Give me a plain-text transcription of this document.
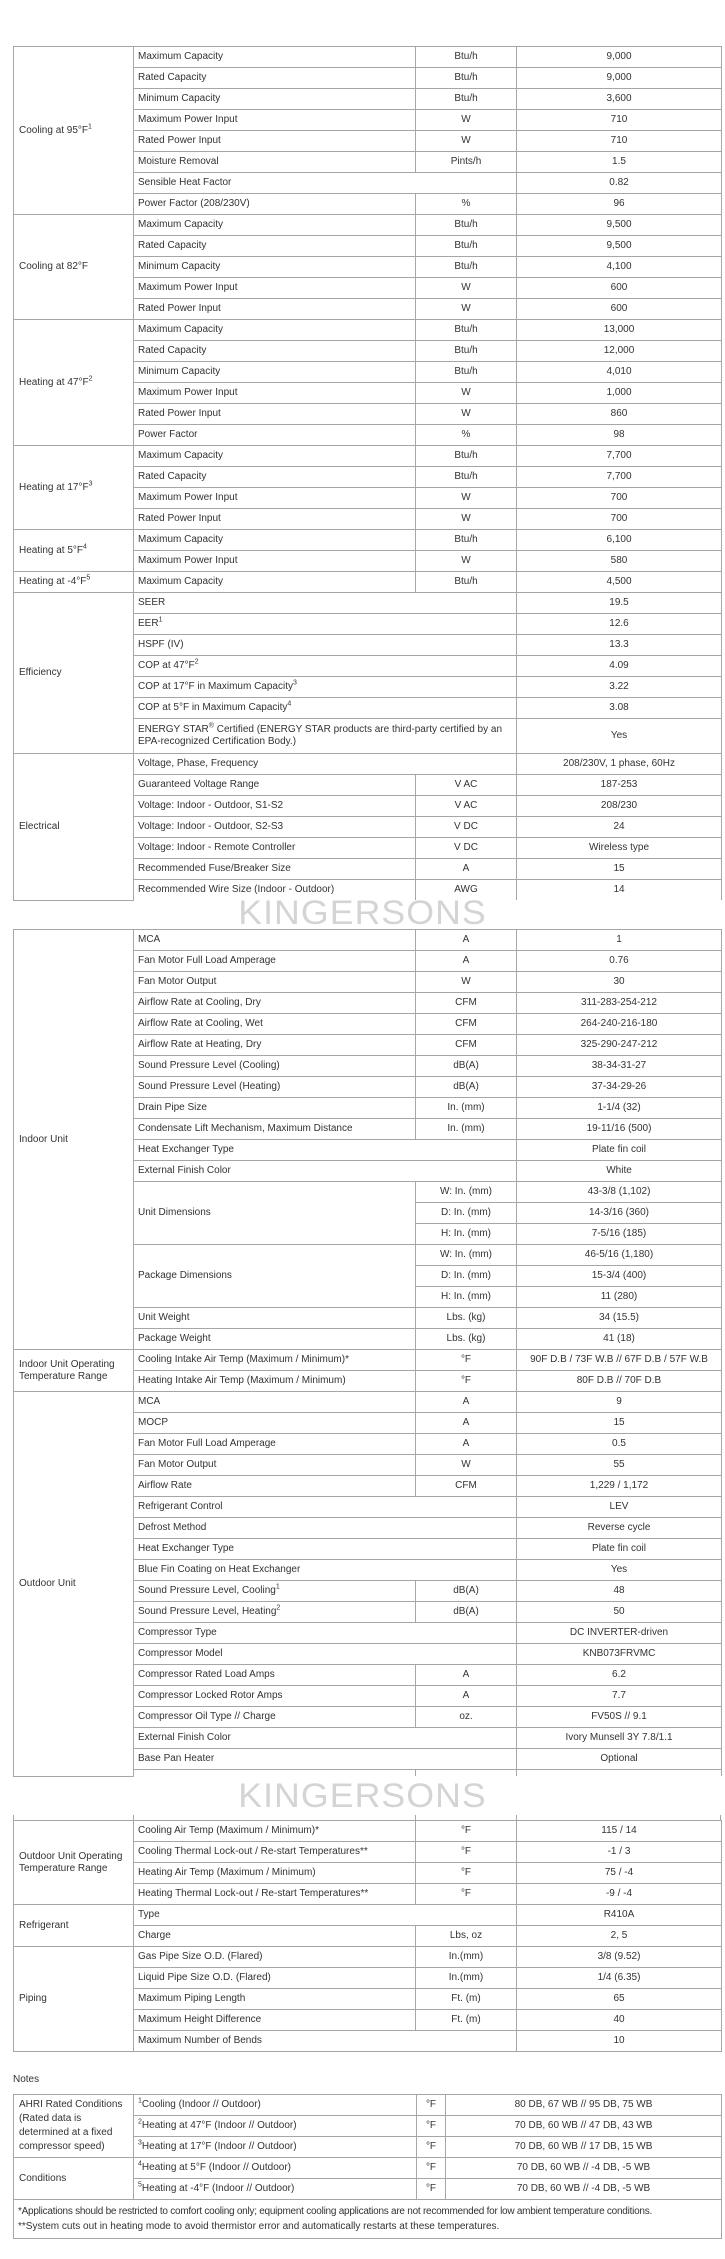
Cooling at $95^\circ F^1$	Maximum Capacity	Btu/h	9,000
	Rated Capacity	Btu/h	9,000
	Minimum Capacity	Btu/h	3,600
	Maximum Power Input	W	710
	Rated Power Input	W	710
	Moisture Removal	Pints/h	1.5
	Sensible Heat Factor		0.82
	Power Factor (208/230V)	%	96
Cooling at 82°F	Maximum Capacity	Btu/h	9,500
	Rated Capacity	Btu/h	9,500
	Minimum Capacity	Btu/h	4,100
	Maximum Power Input	W	600
	Rated Power Input	W	600
Heating at $47^\circ F^2$	Maximum Capacity	Btu/h	13,000
	Rated Capacity	Btu/h	12,000
	Minimum Capacity	Btu/h	4,010
	Maximum Power Input	W	1,000
	Rated Power Input	W	860
	Power Factor	%	98
Heating at $17^\circ F^3$	Maximum Capacity	Btu/h	7,700
	Rated Capacity	Btu/h	7,700
	Maximum Power Input	W	700
	Rated Power Input	W	700
Heating at $5^\circ F^4$	Maximum Capacity	Btu/h	6,100
	Maximum Power Input	W	580
Heating at $-4^\circ F^5$	Maximum Capacity	Btu/h	4,500
Efficiency	SEER		19.5
	EER$^1$		12.6
	HSPF (IV)		13.3
	COP at $47^\circ F^2$		4.09
	COP at 17°F in Maximum Capacity$^3$		3.22
	COP at 5°F in Maximum Capacity$^4$		3.08
	ENERGY STAR® Certified (ENERGY STAR products are third-party certified by an EPA-recognized Certification Body.)		Yes
Electrical	Voltage, Phase, Frequency		208/230V, 1 phase, 60Hz
	Guaranteed Voltage Range	V AC	187-253
	Voltage: Indoor - Outdoor, S1-S2	V AC	208/230
	Voltage: Indoor - Outdoor, S2-S3	V DC	24
	Voltage: Indoor - Remote Controller	V DC	Wireless type
	Recommended Fuse/Breaker Size	A	15
	Recommended Wire Size (Indoor - Outdoor)	AWG	14
KINGERSONS
Indoor Unit	MCA	A	1
	Fan Motor Full Load Amperage	A	0.76
	Fan Motor Output	W	30
	Airflow Rate at Cooling, Dry	CFM	311-283-254-212
	Airflow Rate at Cooling, Wet	CFM	264-240-216-180
	Airflow Rate at Heating, Dry	CFM	325-290-247-212
	Sound Pressure Level (Cooling)	dB(A)	38-34-31-27
	Sound Pressure Level (Heating)	dB(A)	37-34-29-26
	Drain Pipe Size	In. (mm)	1-1/4 (32)
	Condensate Lift Mechanism, Maximum Distance	In. (mm)	19-11/16 (500)
	Heat Exchanger Type		Plate fin coil
	External Finish Color		White
	Unit Dimensions	W: In. (mm)	43-3/8 (1,102)
		D: In. (mm)	14-3/16 (360)
		H: In. (mm)	7-5/16 (185)
	Package Dimensions	W: In. (mm)	46-5/16 (1,180)
		D: In. (mm)	15-3/4 (400)
		H: In. (mm)	11 (280)
	Unit Weight	Lbs. (kg)	34 (15.5)
	Package Weight	Lbs. (kg)	41 (18)
Indoor Unit Operating Temperature Range	Cooling Intake Air Temp (Maximum / Minimum)*	°F	90F D.B / 73F W.B // 67F D.B / 57F W.B
	Heating Intake Air Temp (Maximum / Minimum)	°F	80F D.B // 70F D.B
Outdoor Unit	MCA	A	9
	MOCP	A	15
	Fan Motor Full Load Amperage	A	0.5
	Fan Motor Output	W	55
	Airflow Rate	CFM	1,229 / 1,172
	Refrigerant Control		LEV
	Defrost Method		Reverse cycle
	Heat Exchanger Type		Plate fin coil
	Blue Fin Coating on Heat Exchanger		Yes
	Sound Pressure Level, Cooling$^1$	dB(A)	48
	Sound Pressure Level, Heating$^2$	dB(A)	50
	Compressor Type		DC INVERTER-driven
	Compressor Model		KNB073FRVMC
	Compressor Rated Load Amps	A	6.2
	Compressor Locked Rotor Amps	A	7.7
	Compressor Oil Type // Charge	oz.	FV50S // 9.1
	External Finish Color		Ivory Munsell 3Y 7.8/1.1
	Base Pan Heater		Optional

KINGERSONS
Outdoor Unit Operating Temperature Range	Cooling Air Temp (Maximum / Minimum)*	°F	115 / 14
	Cooling Thermal Lock-out / Re-start Temperatures**	°F	-1 / 3
	Heating Air Temp (Maximum / Minimum)	°F	75 / -4
	Heating Thermal Lock-out / Re-start Temperatures**	°F	-9 / -4
Refrigerant	Type		R410A
	Charge	Lbs, oz	2, 5
Piping	Gas Pipe Size O.D. (Flared)	In.(mm)	3/8 (9.52)
	Liquid Pipe Size O.D. (Flared)	In.(mm)	1/4 (6.35)
	Maximum Piping Length	Ft. (m)	65
	Maximum Height Difference	Ft. (m)	40
	Maximum Number of Bends		10
Notes
AHRI Rated Conditions (Rated data is determined at a fixed compressor speed)	$^1$Cooling (Indoor // Outdoor)	°F	80 DB, 67 WB // 95 DB, 75 WB
	$^2$Heating at 47°F (Indoor // Outdoor)	°F	70 DB, 60 WB // 47 DB, 43 WB
	$^3$Heating at 17°F (Indoor // Outdoor)	°F	70 DB, 60 WB // 17 DB, 15 WB
Conditions	$^4$Heating at 5°F (Indoor // Outdoor)	°F	70 DB, 60 WB // -4 DB, -5 WB
	$^5$Heating at -4°F (Indoor // Outdoor)	°F	70 DB, 60 WB // -4 DB, -5 WB

*Applications should be restricted to comfort cooling only; equipment cooling applications are not recommended for low ambient temperature conditions.
**System cuts out in heating mode to avoid thermistor error and automatically restarts at these temperatures.			
